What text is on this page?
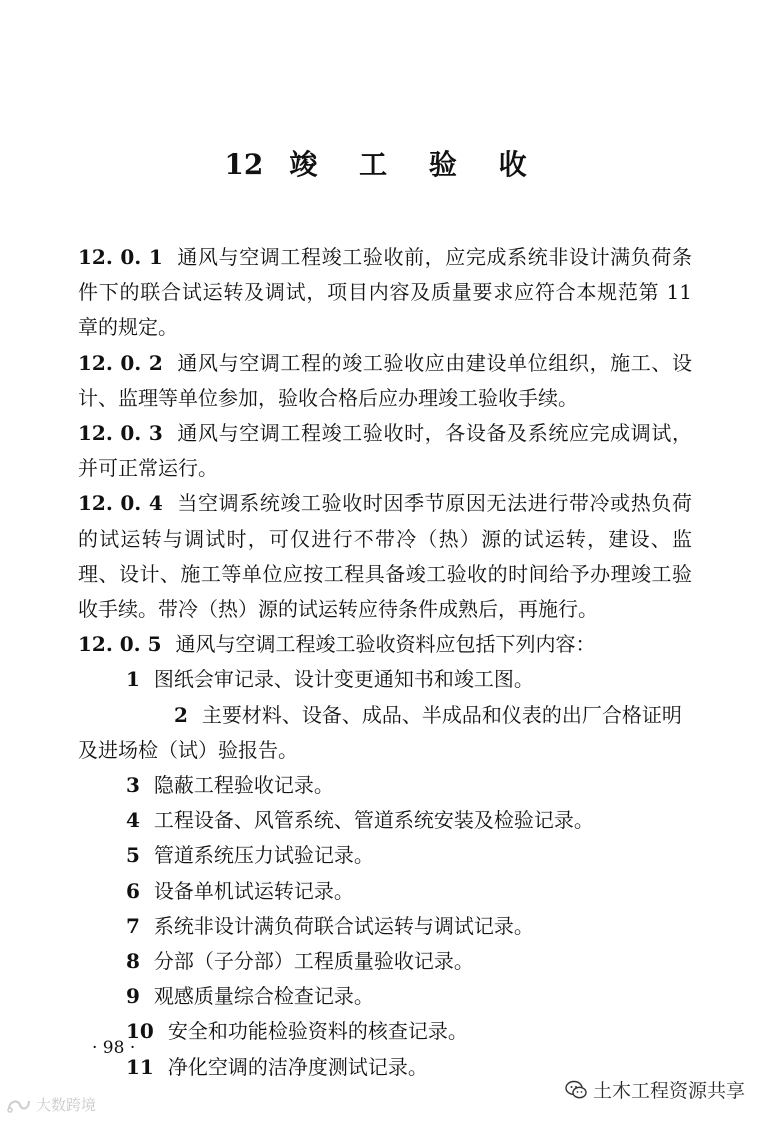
12 竣 工 验 收

12. 0. 1 通风与空调工程竣工验收前，应完成系统非设计满负荷条件下的联合试运转及调试，项目内容及质量要求应符合本规范第 11 章的规定。

12. 0. 2 通风与空调工程的竣工验收应由建设单位组织，施工、设计、监理等单位参加，验收合格后应办理竣工验收手续。

12. 0. 3 通风与空调工程竣工验收时，各设备及系统应完成调试，并可正常运行。

12. 0. 4 当空调系统竣工验收时因季节原因无法进行带冷或热负荷的试运转与调试时，可仅进行不带冷（热）源的试运转，建设、监理、设计、施工等单位应按工程具备竣工验收的时间给予办理竣工验收手续。带冷（热）源的试运转应待条件成熟后，再施行。

12. 0. 5 通风与空调工程竣工验收资料应包括下列内容：

1 图纸会审记录、设计变更通知书和竣工图。

2 主要材料、设备、成品、半成品和仪表的出厂合格证明及进场检（试）验报告。

3 隐蔽工程验收记录。

4 工程设备、风管系统、管道系统安装及检验记录。

5 管道系统压力试验记录。

6 设备单机试运转记录。

7 系统非设计满负荷联合试运转与调试记录。

8 分部（子分部）工程质量验收记录。

9 观感质量综合检查记录。

10 安全和功能检验资料的核查记录。

11 净化空调的洁净度测试记录。

· 98 ·
土木工程资源共享
大数跨境
